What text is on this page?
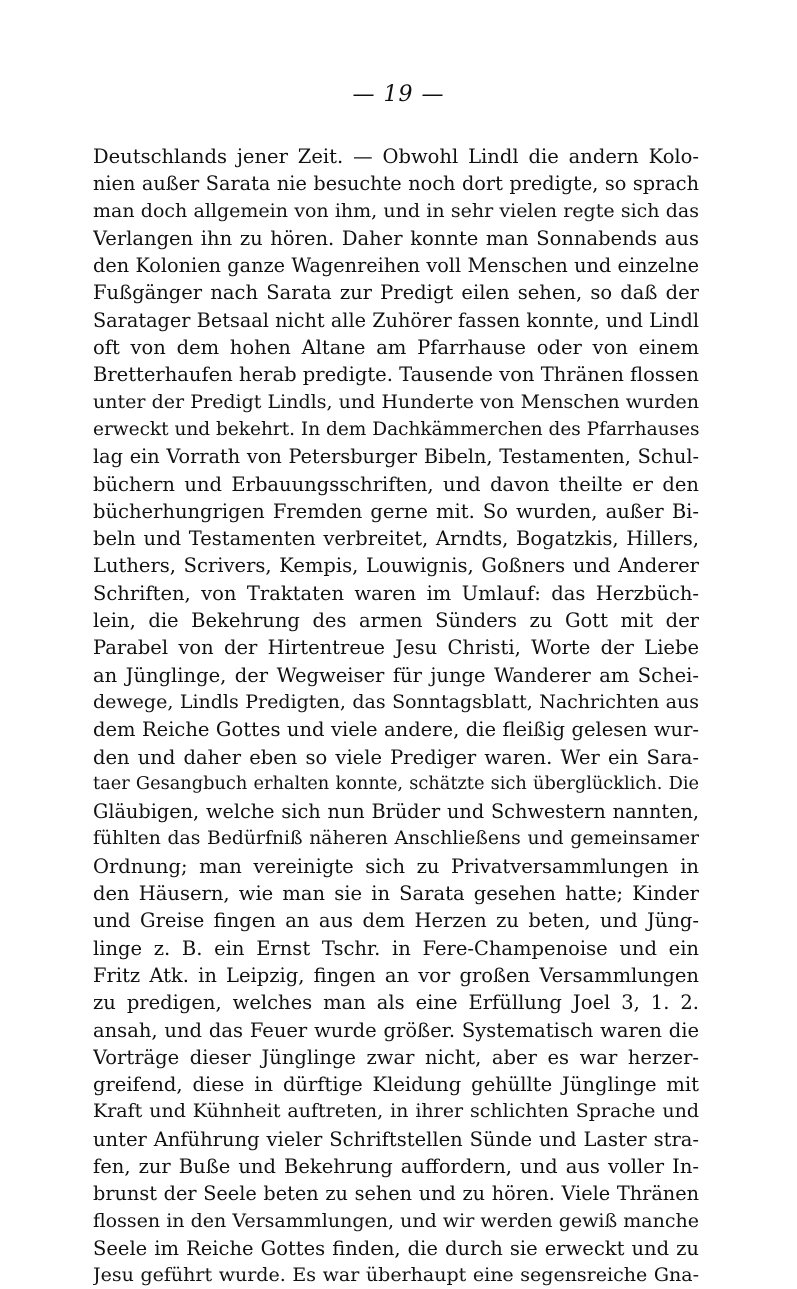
— 19 —
Deutschlands jener Zeit. — Obwohl Lindl die andern Kolo-
nien außer Sarata nie besuchte noch dort predigte, so sprach
man doch allgemein von ihm, und in sehr vielen regte sich das
Verlangen ihn zu hören. Daher konnte man Sonnabends aus
den Kolonien ganze Wagenreihen voll Menschen und einzelne
Fußgänger nach Sarata zur Predigt eilen sehen, so daß der
Saratager Betsaal nicht alle Zuhörer fassen konnte, und Lindl
oft von dem hohen Altane am Pfarrhause oder von einem
Bretterhaufen herab predigte. Tausende von Thränen flossen
unter der Predigt Lindls, und Hunderte von Menschen wurden
erweckt und bekehrt. In dem Dachkämmerchen des Pfarrhauses
lag ein Vorrath von Petersburger Bibeln, Testamenten, Schul-
büchern und Erbauungsschriften, und davon theilte er den
bücherhungrigen Fremden gerne mit. So wurden, außer Bi-
beln und Testamenten verbreitet, Arndts, Bogatzkis, Hillers,
Luthers, Scrivers, Kempis, Louwignis, Goßners und Anderer
Schriften, von Traktaten waren im Umlauf: das Herzbüch-
lein, die Bekehrung des armen Sünders zu Gott mit der
Parabel von der Hirtentreue Jesu Christi, Worte der Liebe
an Jünglinge, der Wegweiser für junge Wanderer am Schei-
dewege, Lindls Predigten, das Sonntagsblatt, Nachrichten aus
dem Reiche Gottes und viele andere, die fleißig gelesen wur-
den und daher eben so viele Prediger waren. Wer ein Sara-
taer Gesangbuch erhalten konnte, schätzte sich überglücklich. Die
Gläubigen, welche sich nun Brüder und Schwestern nannten,
fühlten das Bedürfniß näheren Anschließens und gemeinsamer
Ordnung; man vereinigte sich zu Privatversammlungen in
den Häusern, wie man sie in Sarata gesehen hatte; Kinder
und Greise fingen an aus dem Herzen zu beten, und Jüng-
linge z. B. ein Ernst Tschr. in Fere-Champenoise und ein
Fritz Atk. in Leipzig, fingen an vor großen Versammlungen
zu predigen, welches man als eine Erfüllung Joel 3, 1. 2.
ansah, und das Feuer wurde größer. Systematisch waren die
Vorträge dieser Jünglinge zwar nicht, aber es war herzer-
greifend, diese in dürftige Kleidung gehüllte Jünglinge mit
Kraft und Kühnheit auftreten, in ihrer schlichten Sprache und
unter Anführung vieler Schriftstellen Sünde und Laster stra-
fen, zur Buße und Bekehrung auffordern, und aus voller In-
brunst der Seele beten zu sehen und zu hören. Viele Thränen
flossen in den Versammlungen, und wir werden gewiß manche
Seele im Reiche Gottes finden, die durch sie erweckt und zu
Jesu geführt wurde. Es war überhaupt eine segensreiche Gna-
